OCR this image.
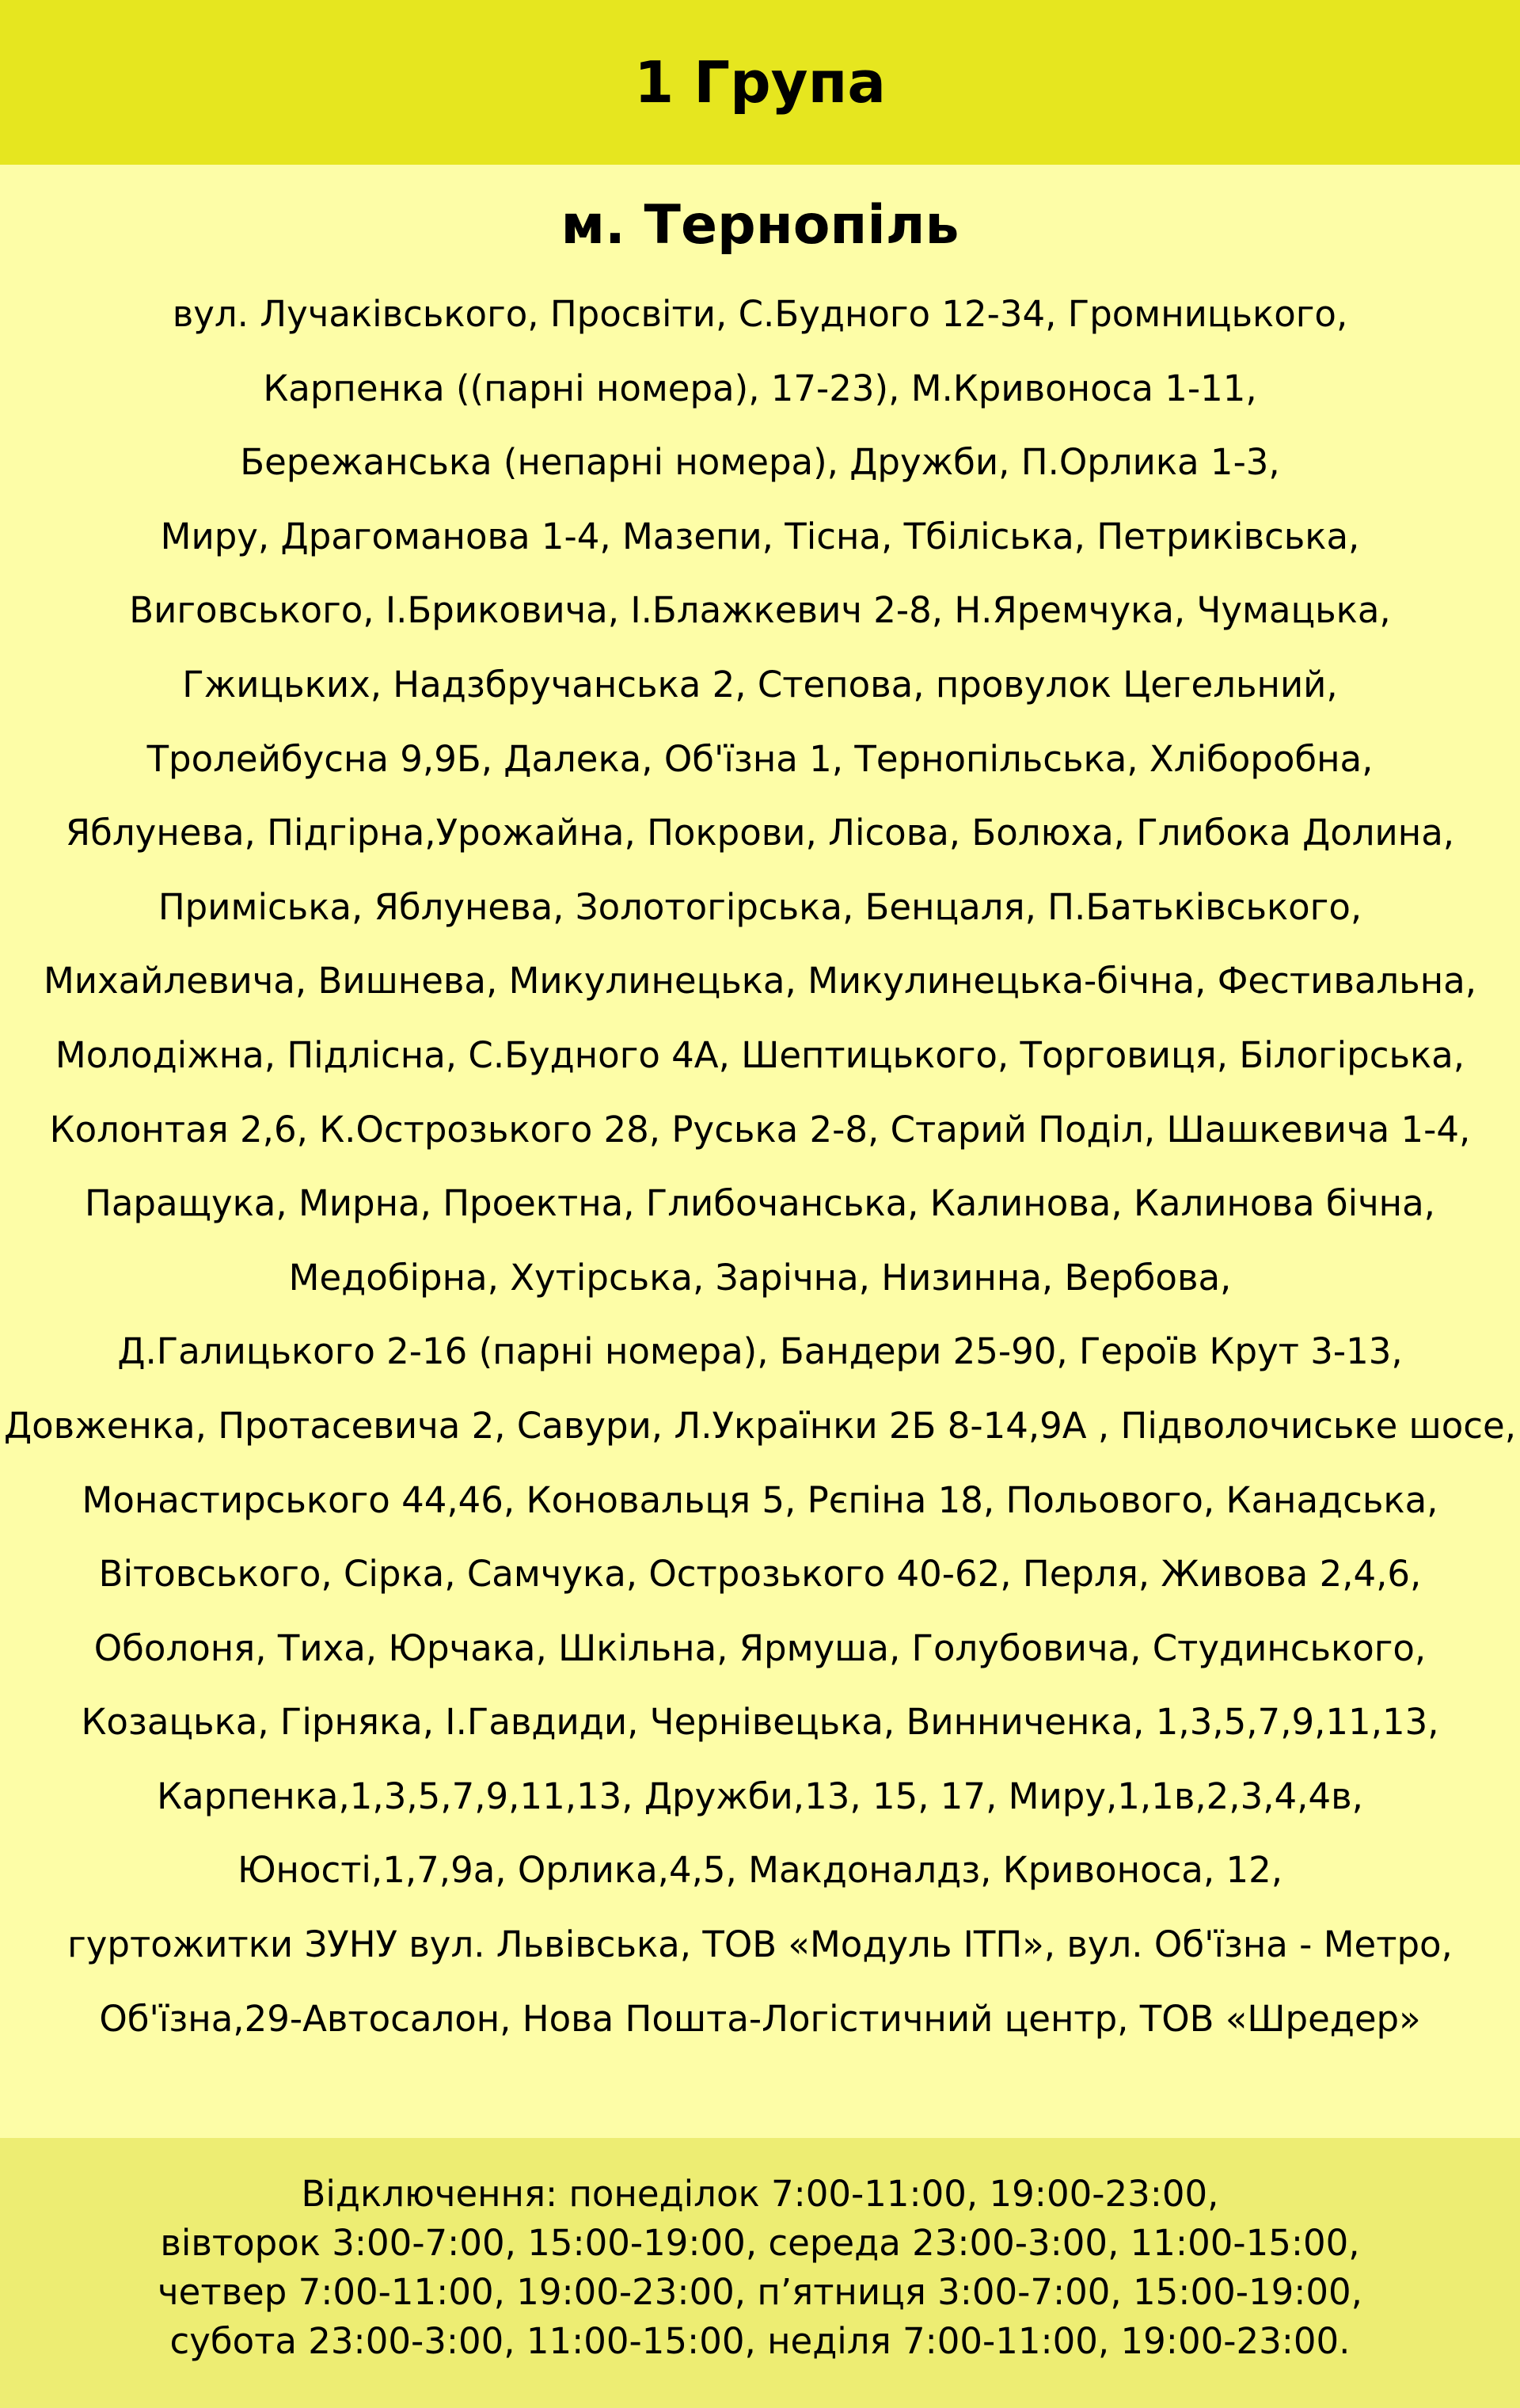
1 Група
м. Тернопіль
вул. Лучаківського, Просвіти, С.Будного 12-34, Громницького,
Карпенка ((парні номера), 17-23), М.Кривоноса 1-11,
Бережанська (непарні номера), Дружби, П.Орлика 1-3,
Миру, Драгоманова 1-4, Мазепи, Тісна, Тбіліська, Петриківська,
Виговського, І.Бриковича, І.Блажкевич 2-8, Н.Яремчука, Чумацька,
Гжицьких, Надзбручанська 2, Степова, провулок Цегельний,
Тролейбусна 9,9Б, Далека, Об'їзна 1, Тернопільська, Хліборобна,
Яблунева, Підгірна,Урожайна, Покрови, Лісова, Болюха, Глибока Долина,
Приміська, Яблунева, Золотогірська, Бенцаля, П.Батьківського,
Михайлевича, Вишнева, Микулинецька, Микулинецька-бічна, Фестивальна,
Молодіжна, Підлісна, С.Будного 4А, Шептицького, Торговиця, Білогірська,
Колонтая 2,6, К.Острозького 28, Руська 2-8, Старий Поділ, Шашкевича 1-4,
Паращука, Мирна, Проектна, Глибочанська, Калинова, Калинова бічна,
Медобірна, Хутірська, Зарічна, Низинна, Вербова,
Д.Галицького 2-16 (парні номера), Бандери 25-90, Героїв Крут 3-13,
Довженка, Протасевича 2, Савури, Л.Українки 2Б 8-14,9А , Підволочиське шосе,
Монастирського 44,46, Коновальця 5, Рєпіна 18, Польового, Канадська,
Вітовського, Сірка, Самчука, Острозького 40-62, Перля, Живова 2,4,6,
Оболоня, Тиха, Юрчака, Шкільна, Ярмуша, Голубовича, Студинського,
Козацька, Гірняка, І.Гавдиди, Чернівецька, Винниченка, 1,3,5,7,9,11,13,
Карпенка,1,3,5,7,9,11,13, Дружби,13, 15, 17, Миру,1,1в,2,3,4,4в,
Юності,1,7,9а, Орлика,4,5, Макдоналдз, Кривоноса, 12,
гуртожитки ЗУНУ вул. Львівська, ТОВ «Модуль ІТП», вул. Об'їзна - Метро,
Об'їзна,29-Автосалон, Нова Пошта-Логістичний центр, ТОВ «Шредер»
Відключення: понеділок 7:00-11:00, 19:00-23:00,
вівторок 3:00-7:00, 15:00-19:00, середа 23:00-3:00, 11:00-15:00,
четвер 7:00-11:00, 19:00-23:00, п’ятниця 3:00-7:00, 15:00-19:00,
субота 23:00-3:00, 11:00-15:00, неділя 7:00-11:00, 19:00-23:00.
